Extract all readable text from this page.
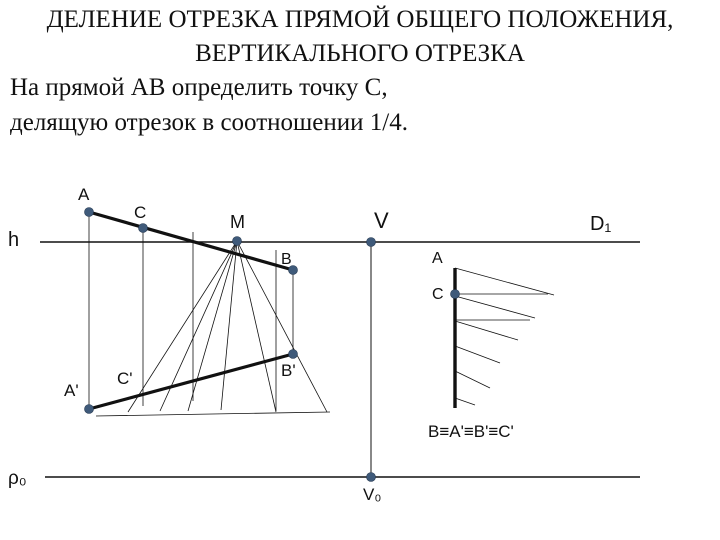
ДЕЛЕНИЕ ОТРЕЗКА ПРЯМОЙ ОБЩЕГО ПОЛОЖЕНИЯ,
ВЕРТИКАЛЬНОГО ОТРЕЗКА
На прямой АВ определить точку С,
делящую отрезок в соотношении 1/4.
A
C	M
B
V	D₁
h
A'
C'	B'
ρ₀
V₀
A
C
B≡A'≡B'≡C'
